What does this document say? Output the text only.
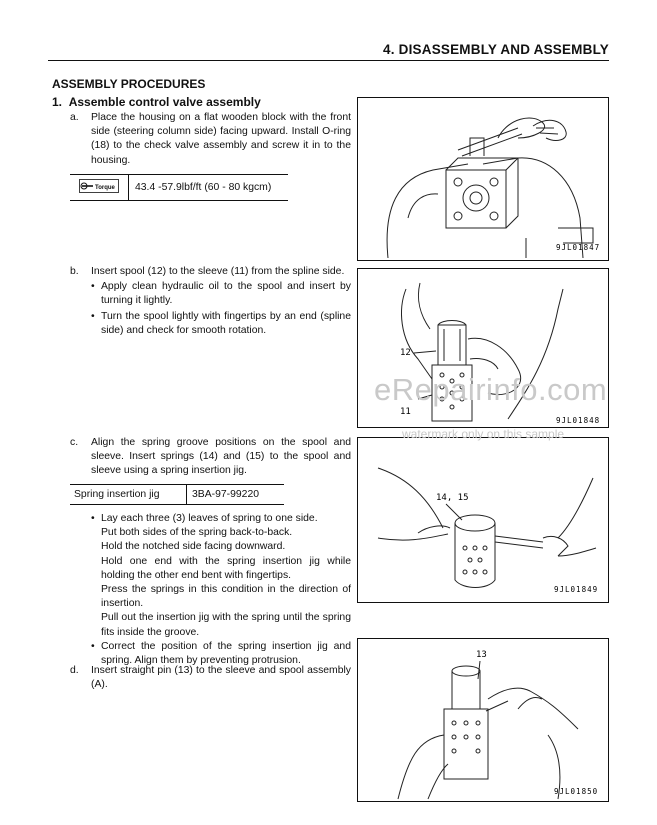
4. DISASSEMBLY AND ASSEMBLY
ASSEMBLY PROCEDURES
1. Assemble control valve assembly
a. Place the housing on a flat wooden block with the front side (steering column side) facing upward. Install O-ring (18) to the check valve assembly and screw it in to the housing.
Torque	43.4 -57.9lbf/ft (60 - 80 kgcm)
b. Insert spool (12) to the sleeve (11) from the spline side.
• Apply clean hydraulic oil to the spool and insert by turning it lightly.
• Turn the spool lightly with fingertips by an end (spline side) and check for smooth rotation.
c. Align the spring groove positions on the spool and sleeve. Insert springs (14) and (15) to the spool and sleeve using a spring insertion jig.
Spring insertion jig	3BA-97-99220
• Lay each three (3) leaves of spring to one side.
Put both sides of the spring back-to-back.
Hold the notched side facing downward.
Hold one end with the spring insertion jig while holding the other end bent with fingertips.
Press the springs in this condition in the direction of insertion.
Pull out the insertion jig with the spring until the spring fits inside the groove.
• Correct the position of the spring insertion jig and spring. Align them by preventing protrusion.
d. Insert straight pin (13) to the sleeve and spool assembly (A).
9JL01847
12
11
9JL01848
14, 15
9JL01849
13
9JL01850
eRepairinfo.com
watermark only on this sample
